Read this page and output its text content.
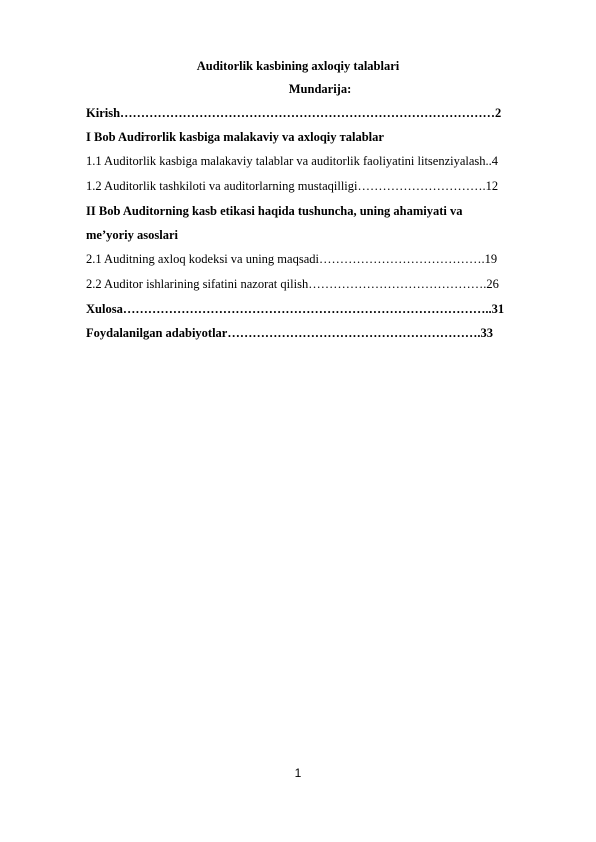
Auditorlik kasbining axloqiy talablari
Mundarija:
Kirish………………………………………………………………………………2
I Bob Audiтоrlik kasbiga malakaviy va axloqiy тalablar
1.1 Auditorlik kasbiga malakaviy talablar va auditorlik faoliyatini litsenziyalash..4
1.2 Auditorlik tashkiloti va auditorlarning mustaqilligi………………………….12
II Bob Auditorning kasb etikasi haqida tushuncha, uning ahamiyati va
me’yoriy asoslari
2.1 Auditning axloq kodeksi va uning maqsadi………………………………….19
2.2 Auditor ishlarining sifatini nazorat qilish…………………………………….26
Xulosa……………………………………………………………………………..31
Foydalanilgan adabiyotlar…………………………………………………….33
1
